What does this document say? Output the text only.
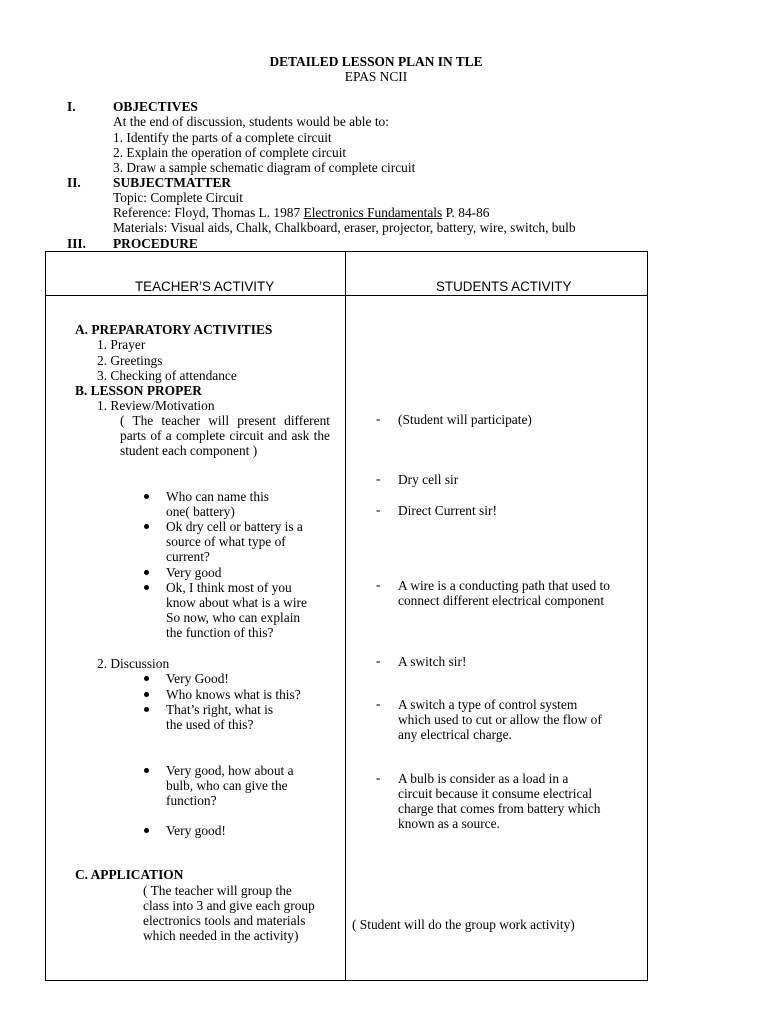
DETAILED LESSON PLAN IN TLE
EPAS NCII
I.	OBJECTIVES
At the end of discussion, students would be able to:
1. Identify the parts of a complete circuit
2. Explain the operation of complete circuit
3. Draw a sample schematic diagram of complete circuit
II. SUBJECTMATTER
Topic: Complete Circuit
Reference: Floyd, Thomas L. 1987 Electronics Fundamentals P. 84-86
Materials: Visual aids, Chalk, Chalkboard, eraser, projector, battery, wire, switch, bulb
III. PROCEDURE
TEACHER’S ACTIVITY	STUDENTS ACTIVITY
A. PREPARATORY ACTIVITIES
1. Prayer
2. Greetings
3. Checking of attendance
B. LESSON PROPER
1. Review/Motivation
( The teacher will present different parts of a complete circuit and ask the student each component )
Who can name this
one( battery)
Ok dry cell or battery is a
source of what type of
current?
Very good
Ok, I think most of you
know about what is a wire
So now, who can explain
the function of this?
2. Discussion
Very Good!
Who knows what is this?
That’s right, what is
the used of this?
Very good, how about a
bulb, who can give the
function?
Very good!
C. APPLICATION
( The teacher will group the
class into 3 and give each group
electronics tools and materials
which needed in the activity)
- (Student will participate)
- Dry cell sir
- Direct Current sir!
- A wire is a conducting path that used to
connect different electrical component
- A switch sir!
- A switch a type of control system
which used to cut or allow the flow of
any electrical charge.
- A bulb is consider as a load in a
circuit because it consume electrical
charge that comes from battery which
known as a source.
( Student will do the group work activity)
